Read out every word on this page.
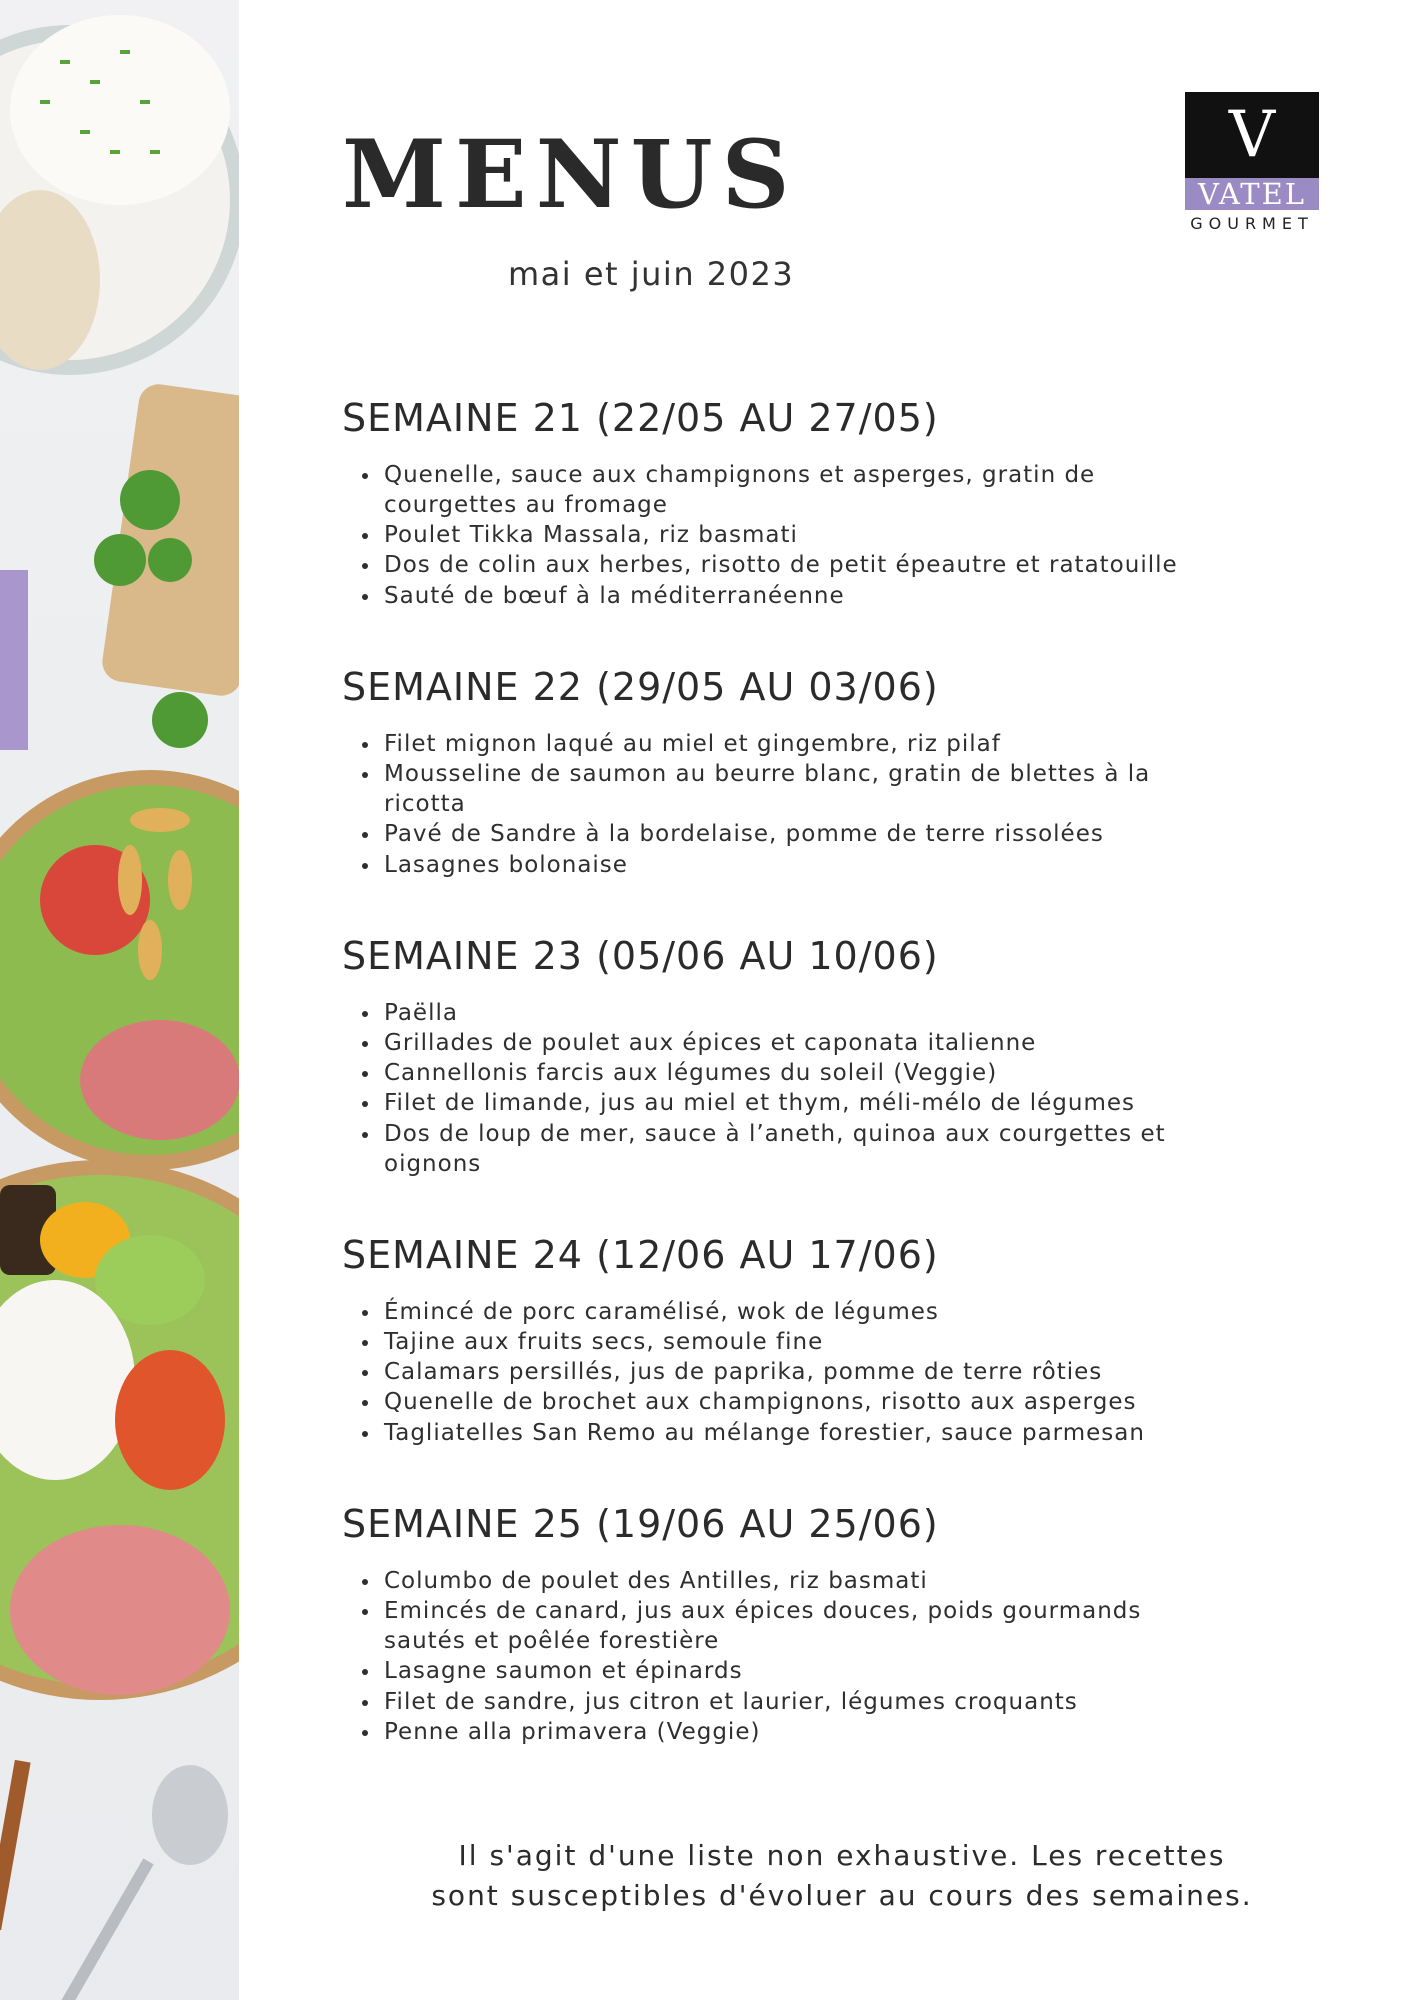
MENUS
mai et juin 2023
V
VATEL
GOURMET
SEMAINE 21 (22/05 AU 27/05)
Quenelle, sauce aux champignons et asperges, gratin de courgettes au fromage
Poulet Tikka Massala, riz basmati
Dos de colin aux herbes, risotto de petit épeautre et ratatouille
Sauté de bœuf à la méditerranéenne
SEMAINE 22 (29/05 AU 03/06)
Filet mignon laqué au miel et gingembre, riz pilaf
Mousseline de saumon au beurre blanc, gratin de blettes à la ricotta
Pavé de Sandre à la bordelaise, pomme de terre rissolées
Lasagnes bolonaise
SEMAINE 23 (05/06 AU 10/06)
Paëlla
Grillades de poulet aux épices et caponata italienne
Cannellonis farcis aux légumes du soleil (Veggie)
Filet de limande, jus au miel et thym, méli-mélo de légumes
Dos de loup de mer, sauce à l’aneth, quinoa aux courgettes et oignons
SEMAINE 24 (12/06 AU 17/06)
Émincé de porc caramélisé, wok de légumes
Tajine aux fruits secs, semoule fine
Calamars persillés, jus de paprika, pomme de terre rôties
Quenelle de brochet aux champignons, risotto aux asperges
Tagliatelles San Remo au mélange forestier, sauce parmesan
SEMAINE 25 (19/06 AU 25/06)
Columbo de poulet des Antilles, riz basmati
Emincés de canard, jus aux épices douces, poids gourmands sautés et poêlée forestière
Lasagne saumon et épinards
Filet de sandre, jus citron et laurier, légumes croquants
Penne alla primavera (Veggie)
Il s'agit d'une liste non exhaustive. Les recettes
sont susceptibles d'évoluer au cours des semaines.
